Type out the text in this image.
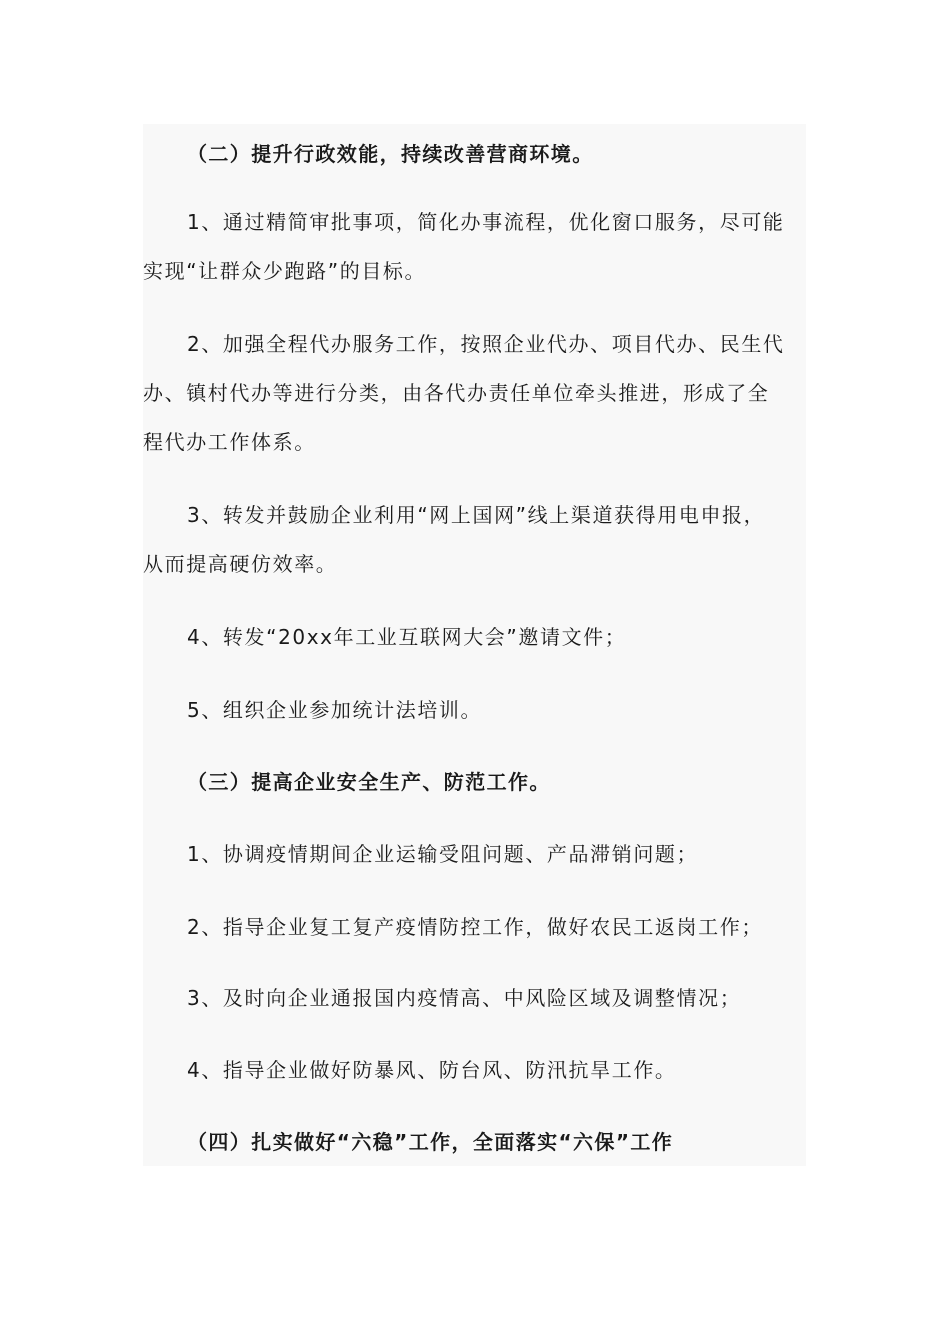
（二）提升行政效能，持续改善营商环境。

1、通过精简审批事项，简化办事流程，优化窗口服务，尽可能
实现“让群众少跑路”的目标。
2、加强全程代办服务工作，按照企业代办、项目代办、民生代
办、镇村代办等进行分类，由各代办责任单位牵头推进，形成了全
程代办工作体系。
3、转发并鼓励企业利用“网上国网”线上渠道获得用电申报，
从而提高硬仿效率。
4、转发“20xx年工业互联网大会”邀请文件；
5、组织企业参加统计法培训。

（三）提高企业安全生产、防范工作。

1、协调疫情期间企业运输受阻问题、产品滞销问题；
2、指导企业复工复产疫情防控工作，做好农民工返岗工作；
3、及时向企业通报国内疫情高、中风险区域及调整情况；
4、指导企业做好防暴风、防台风、防汛抗旱工作。

（四）扎实做好“六稳”工作，全面落实“六保”工作
